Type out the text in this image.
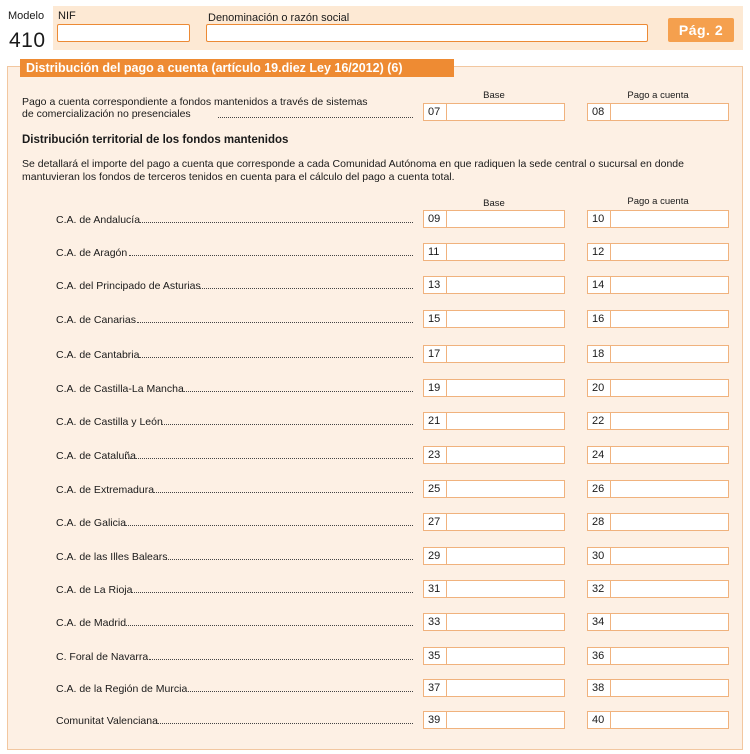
Modelo
410
NIF	Denominación o razón social
Pág. 2
Distribución del pago a cuenta (artículo 19.diez Ley 16/2012) (6)
Base	Pago a cuenta
Pago a cuenta correspondiente a fondos mantenidos a través de sistemas
de comercialización no presenciales	07	08
Distribución territorial de los fondos mantenidos
Se detallará el importe del pago a cuenta que corresponde a cada Comunidad Autónoma en que radiquen la sede central o sucursal en donde mantuvieran los fondos de terceros tenidos en cuenta para el cálculo del pago a cuenta total.
Base	Pago a cuenta
C.A. de Andalucía	09	10
C.A. de Aragón	11	12
C.A. del Principado de Asturias	13	14
C.A. de Canarias	15	16
C.A. de Cantabria	17	18
C.A. de Castilla-La Mancha	19	20
C.A. de Castilla y León	21	22
C.A. de Cataluña	23	24
C.A. de Extremadura	25	26
C.A. de Galicia	27	28
C.A. de las Illes Balears	29	30
C.A. de La Rioja	31	32
C.A. de Madrid	33	34
C. Foral de Navarra	35	36
C.A. de la Región de Murcia	37	38
Comunitat Valenciana	39	40
